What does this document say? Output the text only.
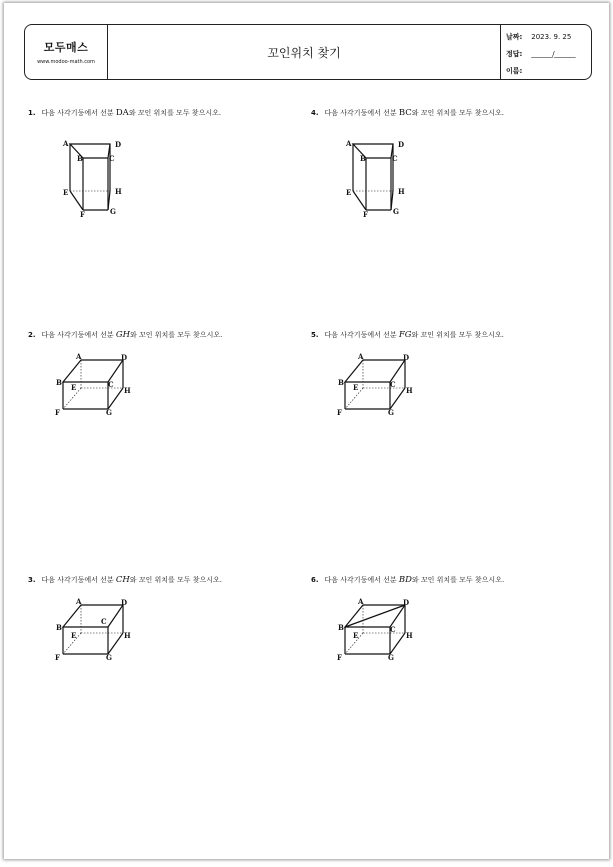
모두매스
www.modoo-math.com
꼬인위치 찾기
날짜: 2023. 9. 25
정답: _______/_______
이름:
1. 다음 사각기둥에서 선분 DA와 꼬인 위치를 모두 찾으시오.
A
B	C
D
E
F	G
H
4. 다음 사각기둥에서 선분 BC와 꼬인 위치를 모두 찾으시오.
A
B	C
D
E
F	G
H
2. 다음 사각기둥에서 선분 GH와 꼬인 위치를 모두 찾으시오.
A
B	C
D
E
F	G
H
5. 다음 사각기둥에서 선분 FG와 꼬인 위치를 모두 찾으시오.
A
B	C
D
E
F	G
H
3. 다음 사각기둥에서 선분 CH와 꼬인 위치를 모두 찾으시오.
A
B
C
D
E
F	G
H
6. 다음 사각기둥에서 선분 BD와 꼬인 위치를 모두 찾으시오.
A
B	C
D
E
F	G
H
